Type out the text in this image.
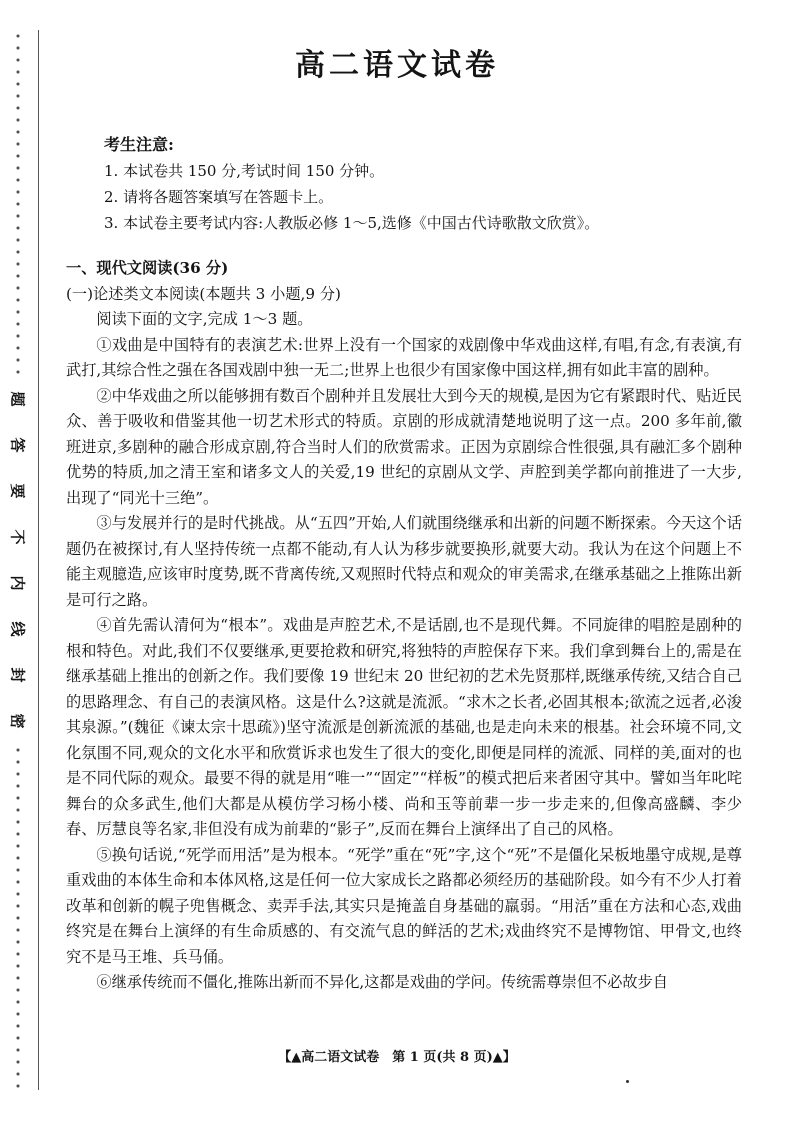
题
答
要
不
内
线
封
密
高二语文试卷
考生注意:
1. 本试卷共 150 分,考试时间 150 分钟。
2. 请将各题答案填写在答题卡上。
3. 本试卷主要考试内容:人教版必修 1～5,选修《中国古代诗歌散文欣赏》。

一、现代文阅读(36 分)

(一)论述类文本阅读(本题共 3 小题,9 分)

阅读下面的文字,完成 1～3 题。

①戏曲是中国特有的表演艺术:世界上没有一个国家的戏剧像中华戏曲这样,有唱,有念,有表演,有武打,其综合性之强在各国戏剧中独一无二;世界上也很少有国家像中国这样,拥有如此丰富的剧种。

②中华戏曲之所以能够拥有数百个剧种并且发展壮大到今天的规模,是因为它有紧跟时代、贴近民众、善于吸收和借鉴其他一切艺术形式的特质。京剧的形成就清楚地说明了这一点。200 多年前,徽班进京,多剧种的融合形成京剧,符合当时人们的欣赏需求。正因为京剧综合性很强,具有融汇多个剧种优势的特质,加之清王室和诸多文人的关爱,19 世纪的京剧从文学、声腔到美学都向前推进了一大步,出现了“同光十三绝”。

③与发展并行的是时代挑战。从“五四”开始,人们就围绕继承和出新的问题不断探索。今天这个话题仍在被探讨,有人坚持传统一点都不能动,有人认为移步就要换形,就要大动。我认为在这个问题上不能主观臆造,应该审时度势,既不背离传统,又观照时代特点和观众的审美需求,在继承基础之上推陈出新是可行之路。

④首先需认清何为“根本”。戏曲是声腔艺术,不是话剧,也不是现代舞。不同旋律的唱腔是剧种的根和特色。对此,我们不仅要继承,更要抢救和研究,将独特的声腔保存下来。我们拿到舞台上的,需是在继承基础上推出的创新之作。我们要像 19 世纪末 20 世纪初的艺术先贤那样,既继承传统,又结合自己的思路理念、有自己的表演风格。这是什么?这就是流派。“求木之长者,必固其根本;欲流之远者,必浚其泉源。”(魏征《谏太宗十思疏》)坚守流派是创新流派的基础,也是走向未来的根基。社会环境不同,文化氛围不同,观众的文化水平和欣赏诉求也发生了很大的变化,即便是同样的流派、同样的美,面对的也是不同代际的观众。最要不得的就是用“唯一”“固定”“样板”的模式把后来者困守其中。譬如当年叱咤舞台的众多武生,他们大都是从模仿学习杨小楼、尚和玉等前辈一步一步走来的,但像高盛麟、李少春、厉慧良等名家,非但没有成为前辈的“影子”,反而在舞台上演绎出了自己的风格。

⑤换句话说,“死学而用活”是为根本。“死学”重在“死”字,这个“死”不是僵化呆板地墨守成规,是尊重戏曲的本体生命和本体风格,这是任何一位大家成长之路都必须经历的基础阶段。如今有不少人打着改革和创新的幌子兜售概念、卖弄手法,其实只是掩盖自身基础的羸弱。“用活”重在方法和心态,戏曲终究是在舞台上演绎的有生命质感的、有交流气息的鲜活的艺术;戏曲终究不是博物馆、甲骨文,也终究不是马王堆、兵马俑。

⑥继承传统而不僵化,推陈出新而不异化,这都是戏曲的学问。传统需尊崇但不必故步自

【▲高二语文试卷　第 1 页(共 8 页)▲】
